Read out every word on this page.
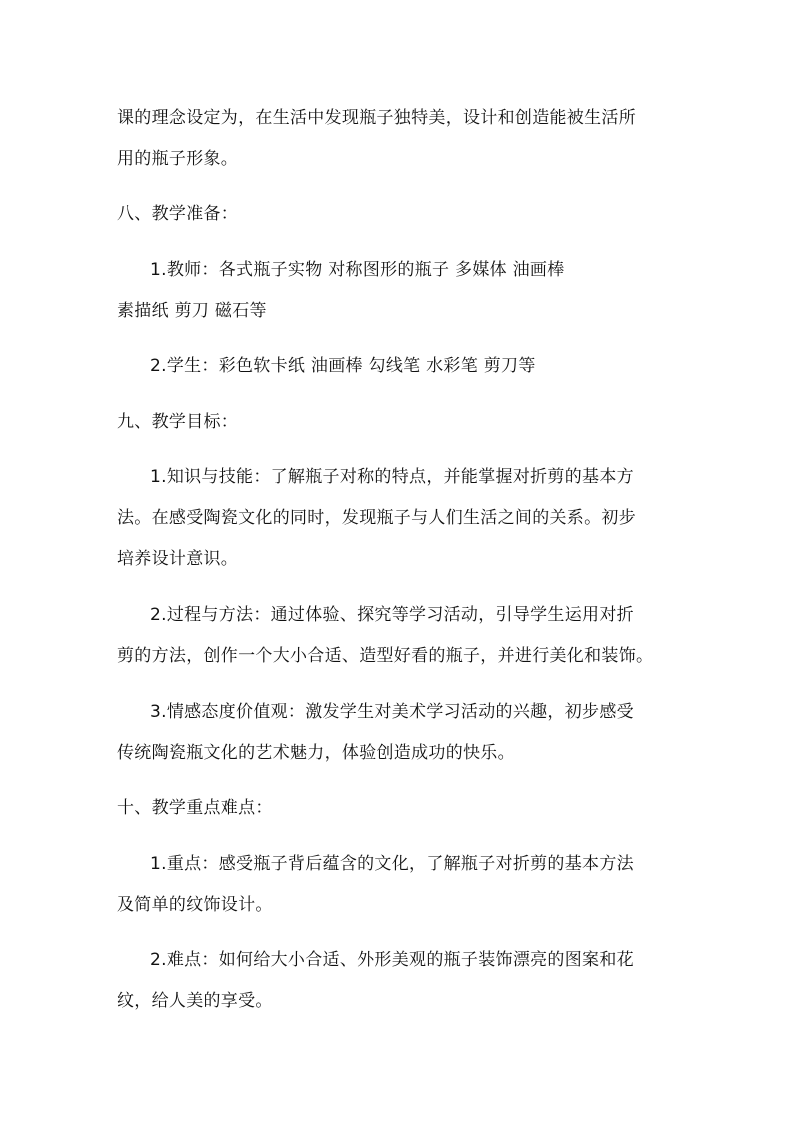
课的理念设定为，在生活中发现瓶子独特美，设计和创造能被生活所
用的瓶子形象。
八、教学准备：
1.教师：各式瓶子实物 对称图形的瓶子 多媒体 油画棒
素描纸 剪刀 磁石等
2.学生：彩色软卡纸 油画棒 勾线笔 水彩笔 剪刀等
九、教学目标：
1.知识与技能：了解瓶子对称的特点，并能掌握对折剪的基本方
法。在感受陶瓷文化的同时，发现瓶子与人们生活之间的关系。初步
培养设计意识。
2.过程与方法：通过体验、探究等学习活动，引导学生运用对折
剪的方法，创作一个大小合适、造型好看的瓶子，并进行美化和装饰。
3.情感态度价值观：激发学生对美术学习活动的兴趣，初步感受
传统陶瓷瓶文化的艺术魅力，体验创造成功的快乐。
十、教学重点难点：
1.重点：感受瓶子背后蕴含的文化，了解瓶子对折剪的基本方法
及简单的纹饰设计。
2.难点：如何给大小合适、外形美观的瓶子装饰漂亮的图案和花
纹，给人美的享受。
